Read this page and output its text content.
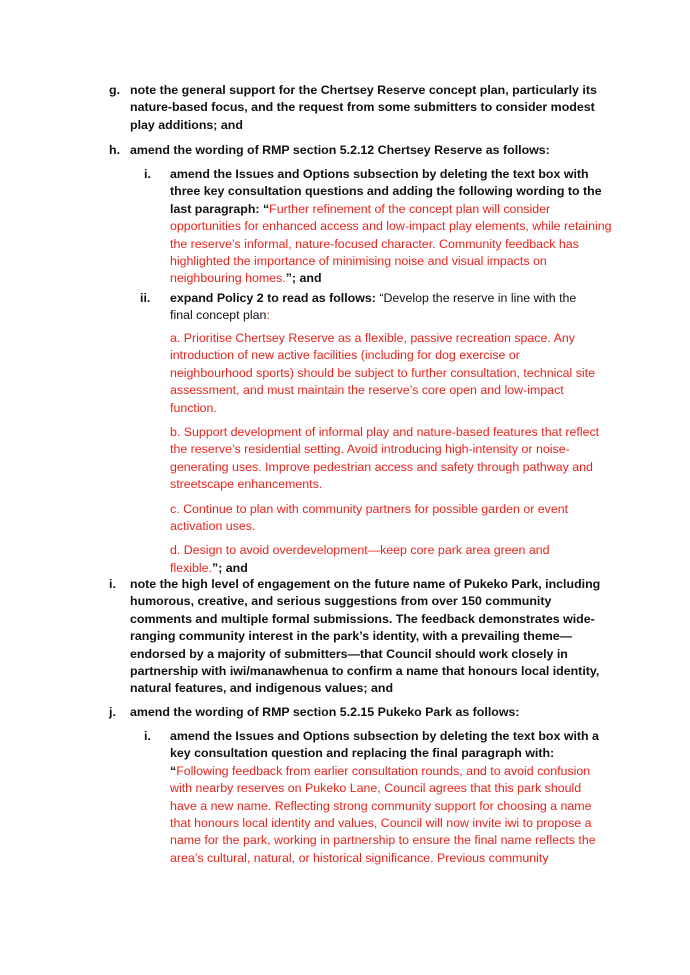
g. note the general support for the Chertsey Reserve concept plan, particularly its nature-based focus, and the request from some submitters to consider modest play additions; and
h. amend the wording of RMP section 5.2.12 Chertsey Reserve as follows:
i. amend the Issues and Options subsection by deleting the text box with three key consultation questions and adding the following wording to the last paragraph: “Further refinement of the concept plan will consider opportunities for enhanced access and low-impact play elements, while retaining the reserve’s informal, nature-focused character. Community feedback has highlighted the importance of minimising noise and visual impacts on neighbouring homes.”; and
ii. expand Policy 2 to read as follows: “Develop the reserve in line with the final concept plan:

a. Prioritise Chertsey Reserve as a flexible, passive recreation space. Any introduction of new active facilities (including for dog exercise or neighbourhood sports) should be subject to further consultation, technical site assessment, and must maintain the reserve’s core open and low-impact function.

b. Support development of informal play and nature-based features that reflect the reserve’s residential setting. Avoid introducing high-intensity or noise-generating uses. Improve pedestrian access and safety through pathway and streetscape enhancements.

c. Continue to plan with community partners for possible garden or event activation uses.

d. Design to avoid overdevelopment—keep core park area green and flexible.”; and

i. note the high level of engagement on the future name of Pukeko Park, including humorous, creative, and serious suggestions from over 150 community comments and multiple formal submissions. The feedback demonstrates wide-ranging community interest in the park’s identity, with a prevailing theme—endorsed by a majority of submitters—that Council should work closely in partnership with iwi/manawhenua to confirm a name that honours local identity, natural features, and indigenous values; and
j. amend the wording of RMP section 5.2.15 Pukeko Park as follows:
i. amend the Issues and Options subsection by deleting the text box with a key consultation question and replacing the final paragraph with: “Following feedback from earlier consultation rounds, and to avoid confusion with nearby reserves on Pukeko Lane, Council agrees that this park should have a new name. Reflecting strong community support for choosing a name that honours local identity and values, Council will now invite iwi to propose a name for the park, working in partnership to ensure the final name reflects the area’s cultural, natural, or historical significance. Previous community
